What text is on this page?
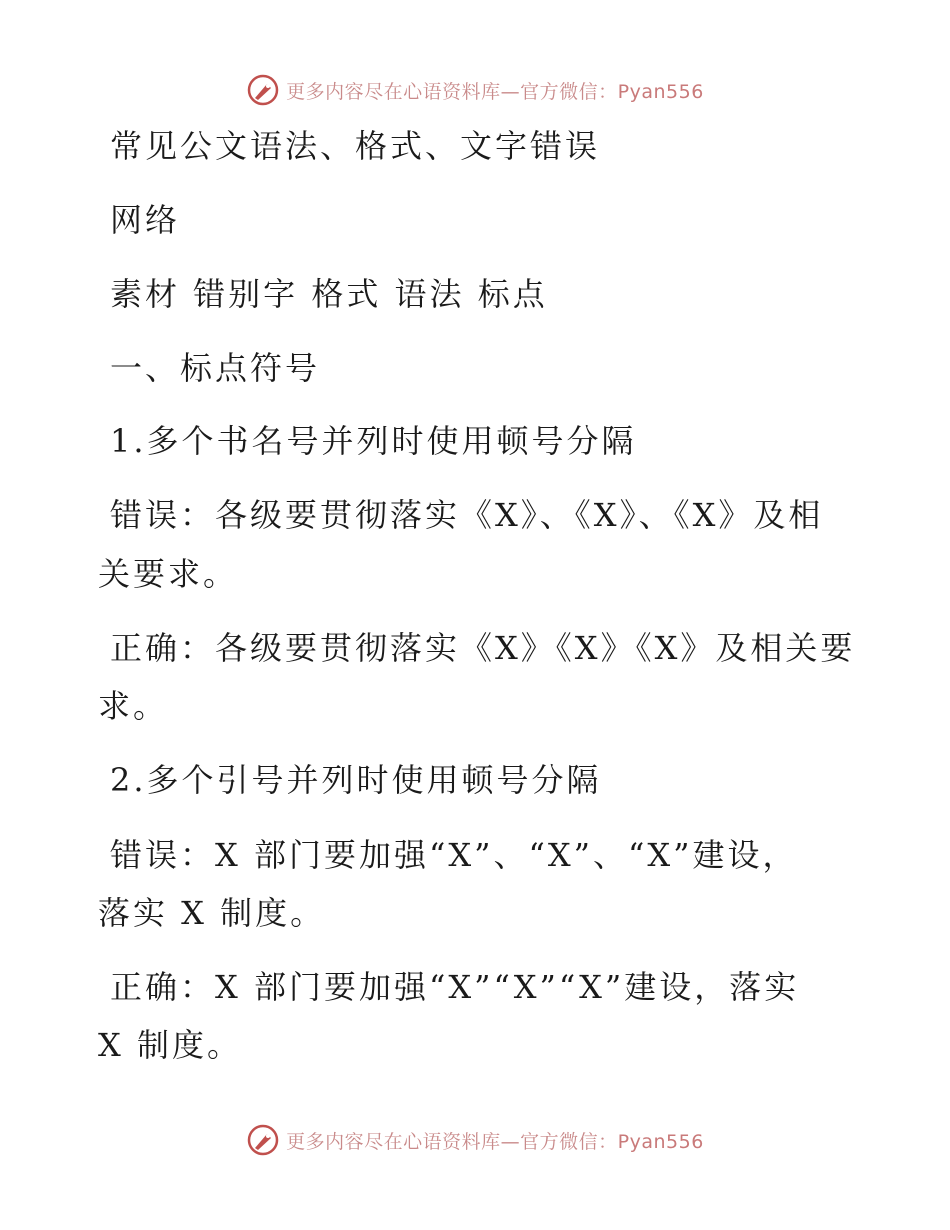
更多内容尽在心语资料库—官方微信：Pyan556
常见公文语法、格式、文字错误
网络
素材 错别字 格式 语法 标点
一、标点符号
1.多个书名号并列时使用顿号分隔
错误：各级要贯彻落实《X》、《X》、《X》及相
关要求。
正确：各级要贯彻落实《X》《X》《X》及相关要
求。
2.多个引号并列时使用顿号分隔
错误：X 部门要加强“X”、“X”、“X”建设，
落实 X 制度。
正确：X 部门要加强“X”“X”“X”建设，落实
X 制度。
更多内容尽在心语资料库—官方微信：Pyan556
